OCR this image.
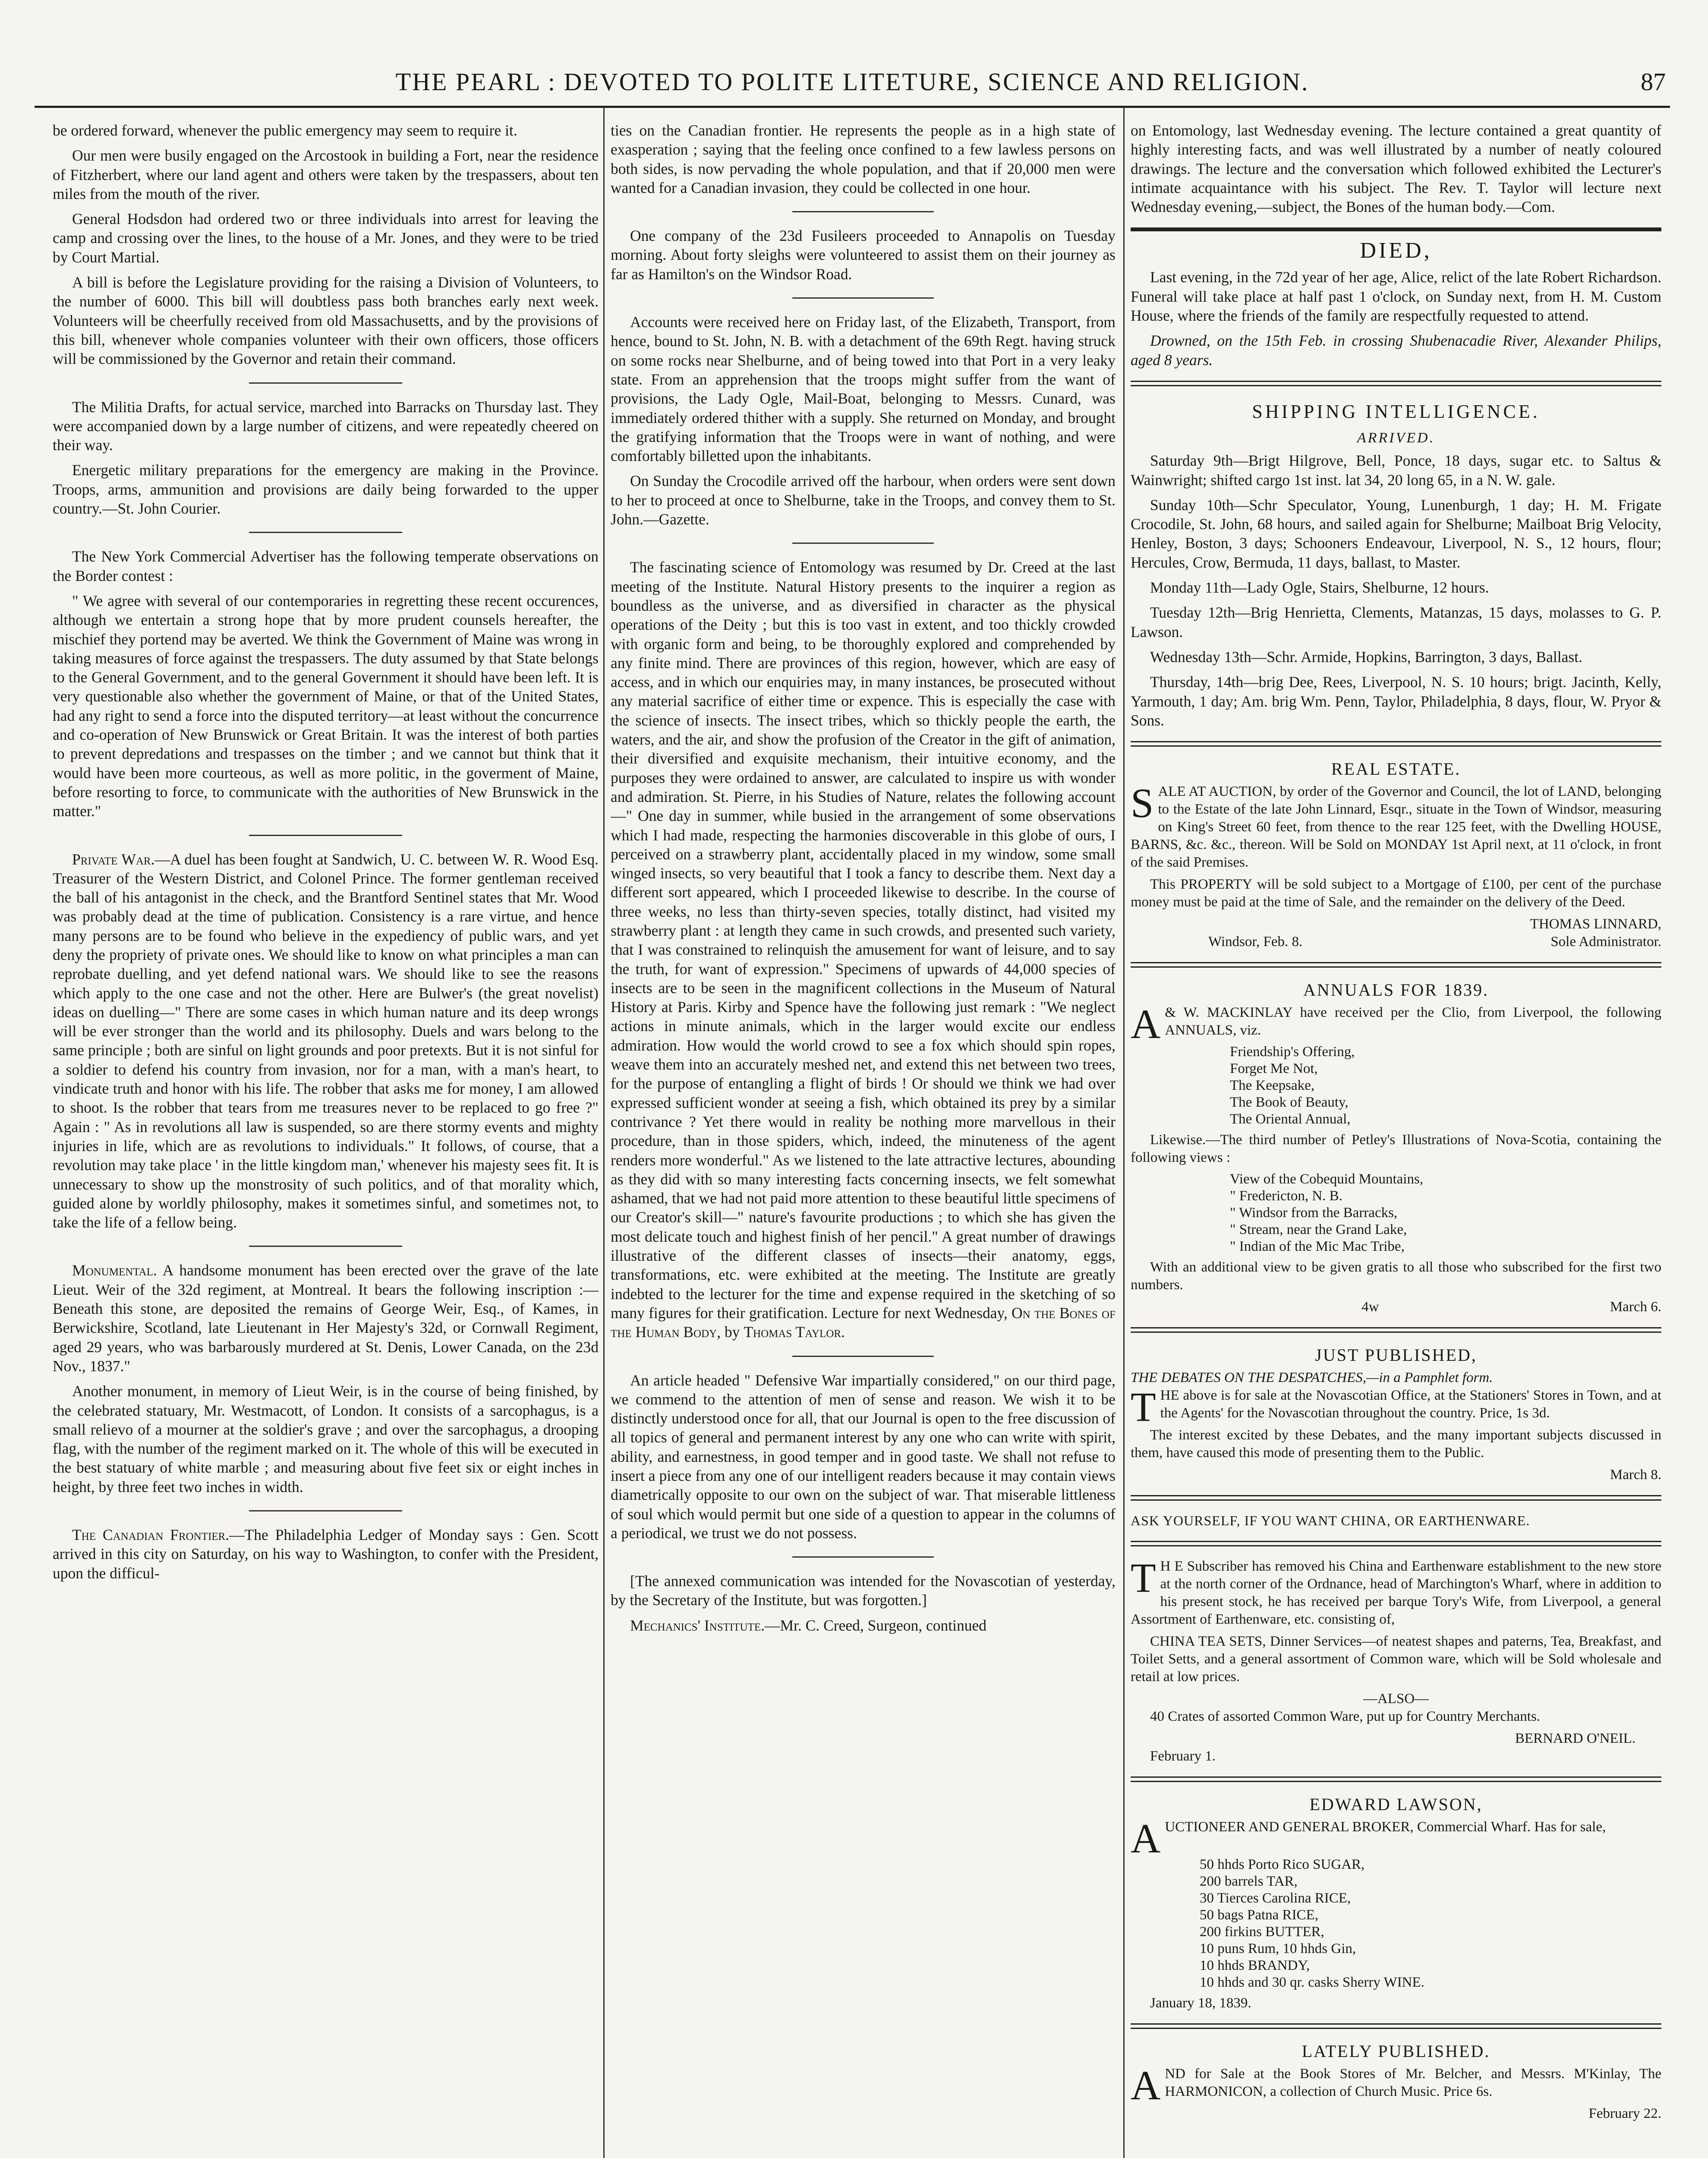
THE PEARL : DEVOTED TO POLITE LITETURE, SCIENCE AND RELIGION.	87

be ordered forward, whenever the public emergency may seem to require it.

Our men were busily engaged on the Arcostook in building a Fort, near the residence of Fitzherbert, where our land agent and others were taken by the trespassers, about ten miles from the mouth of the river.

General Hodsdon had ordered two or three individuals into arrest for leaving the camp and crossing over the lines, to the house of a Mr. Jones, and they were to be tried by Court Martial.

A bill is before the Legislature providing for the raising a Division of Volunteers, to the number of 6000. This bill will doubtless pass both branches early next week. Volunteers will be cheerfully received from old Massachusetts, and by the provisions of this bill, whenever whole companies volunteer with their own officers, those officers will be commissioned by the Governor and retain their command.

The Militia Drafts, for actual service, marched into Barracks on Thursday last. They were accompanied down by a large number of citizens, and were repeatedly cheered on their way.

Energetic military preparations for the emergency are making in the Province. Troops, arms, ammunition and provisions are daily being forwarded to the upper country.—St. John Courier.

The New York Commercial Advertiser has the following temperate observations on the Border contest :

" We agree with several of our contemporaries in regretting these recent occurences, although we entertain a strong hope that by more prudent counsels hereafter, the mischief they portend may be averted. We think the Government of Maine was wrong in taking measures of force against the trespassers. The duty assumed by that State belongs to the General Government, and to the general Government it should have been left. It is very questionable also whether the government of Maine, or that of the United States, had any right to send a force into the disputed territory—at least without the concurrence and co-operation of New Brunswick or Great Britain. It was the interest of both parties to prevent depredations and trespasses on the timber ; and we cannot but think that it would have been more courteous, as well as more politic, in the goverment of Maine, before resorting to force, to communicate with the authorities of New Brunswick in the matter."

Private War.—A duel has been fought at Sandwich, U. C. between W. R. Wood Esq. Treasurer of the Western District, and Colonel Prince. The former gentleman received the ball of his antagonist in the check, and the Brantford Sentinel states that Mr. Wood was probably dead at the time of publication. Consistency is a rare virtue, and hence many persons are to be found who believe in the expediency of public wars, and yet deny the propriety of private ones. We should like to know on what principles a man can reprobate duelling, and yet defend national wars. We should like to see the reasons which apply to the one case and not the other. Here are Bulwer's (the great novelist) ideas on duelling—" There are some cases in which human nature and its deep wrongs will be ever stronger than the world and its philosophy. Duels and wars belong to the same principle ; both are sinful on light grounds and poor pretexts. But it is not sinful for a soldier to defend his country from invasion, nor for a man, with a man's heart, to vindicate truth and honor with his life. The robber that asks me for money, I am allowed to shoot. Is the robber that tears from me treasures never to be replaced to go free ?" Again : " As in revolutions all law is suspended, so are there stormy events and mighty injuries in life, which are as revolutions to individuals." It follows, of course, that a revolution may take place ' in the little kingdom man,' whenever his majesty sees fit. It is unnecessary to show up the monstrosity of such politics, and of that morality which, guided alone by worldly philosophy, makes it sometimes sinful, and sometimes not, to take the life of a fellow being.

Monumental. A handsome monument has been erected over the grave of the late Lieut. Weir of the 32d regiment, at Montreal. It bears the following inscription :—Beneath this stone, are deposited the remains of George Weir, Esq., of Kames, in Berwickshire, Scotland, late Lieutenant in Her Majesty's 32d, or Cornwall Regiment, aged 29 years, who was barbarously murdered at St. Denis, Lower Canada, on the 23d Nov., 1837."

Another monument, in memory of Lieut Weir, is in the course of being finished, by the celebrated statuary, Mr. Westmacott, of London. It consists of a sarcophagus, is a small relievo of a mourner at the soldier's grave ; and over the sarcophagus, a drooping flag, with the number of the regiment marked on it. The whole of this will be executed in the best statuary of white marble ; and measuring about five feet six or eight inches in height, by three feet two inches in width.

The Canadian Frontier.—The Philadelphia Ledger of Monday says : Gen. Scott arrived in this city on Saturday, on his way to Washington, to confer with the President, upon the difficul-

ties on the Canadian frontier. He represents the people as in a high state of exasperation ; saying that the feeling once confined to a few lawless persons on both sides, is now pervading the whole population, and that if 20,000 men were wanted for a Canadian invasion, they could be collected in one hour.

One company of the 23d Fusileers proceeded to Annapolis on Tuesday morning. About forty sleighs were volunteered to assist them on their journey as far as Hamilton's on the Windsor Road.

Accounts were received here on Friday last, of the Elizabeth, Transport, from hence, bound to St. John, N. B. with a detachment of the 69th Regt. having struck on some rocks near Shelburne, and of being towed into that Port in a very leaky state. From an apprehension that the troops might suffer from the want of provisions, the Lady Ogle, Mail-Boat, belonging to Messrs. Cunard, was immediately ordered thither with a supply. She returned on Monday, and brought the gratifying information that the Troops were in want of nothing, and were comfortably billetted upon the inhabitants.

On Sunday the Crocodile arrived off the harbour, when orders were sent down to her to proceed at once to Shelburne, take in the Troops, and convey them to St. John.—Gazette.

The fascinating science of Entomology was resumed by Dr. Creed at the last meeting of the Institute. Natural History presents to the inquirer a region as boundless as the universe, and as diversified in character as the physical operations of the Deity ; but this is too vast in extent, and too thickly crowded with organic form and being, to be thoroughly explored and comprehended by any finite mind. There are provinces of this region, however, which are easy of access, and in which our enquiries may, in many instances, be prosecuted without any material sacrifice of either time or expence. This is especially the case with the science of insects. The insect tribes, which so thickly people the earth, the waters, and the air, and show the profusion of the Creator in the gift of animation, their diversified and exquisite mechanism, their intuitive economy, and the purposes they were ordained to answer, are calculated to inspire us with wonder and admiration. St. Pierre, in his Studies of Nature, relates the following account—" One day in summer, while busied in the arrangement of some observations which I had made, respecting the harmonies discoverable in this globe of ours, I perceived on a strawberry plant, accidentally placed in my window, some small winged insects, so very beautiful that I took a fancy to describe them. Next day a different sort appeared, which I proceeded likewise to describe. In the course of three weeks, no less than thirty-seven species, totally distinct, had visited my strawberry plant : at length they came in such crowds, and presented such variety, that I was constrained to relinquish the amusement for want of leisure, and to say the truth, for want of expression." Specimens of upwards of 44,000 species of insects are to be seen in the magnificent collections in the Museum of Natural History at Paris. Kirby and Spence have the following just remark : "We neglect actions in minute animals, which in the larger would excite our endless admiration. How would the world crowd to see a fox which should spin ropes, weave them into an accurately meshed net, and extend this net between two trees, for the purpose of entangling a flight of birds ! Or should we think we had over expressed sufficient wonder at seeing a fish, which obtained its prey by a similar contrivance ? Yet there would in reality be nothing more marvellous in their procedure, than in those spiders, which, indeed, the minuteness of the agent renders more wonderful." As we listened to the late attractive lectures, abounding as they did with so many interesting facts concerning insects, we felt somewhat ashamed, that we had not paid more attention to these beautiful little specimens of our Creator's skill—" nature's favourite productions ; to which she has given the most delicate touch and highest finish of her pencil." A great number of drawings illustrative of the different classes of insects—their anatomy, eggs, transformations, etc. were exhibited at the meeting. The Institute are greatly indebted to the lecturer for the time and expense required in the sketching of so many figures for their gratification. Lecture for next Wednesday, On the Bones of the Human Body, by Thomas Taylor.

An article headed " Defensive War impartially considered," on our third page, we commend to the attention of men of sense and reason. We wish it to be distinctly understood once for all, that our Journal is open to the free discussion of all topics of general and permanent interest by any one who can write with spirit, ability, and earnestness, in good temper and in good taste. We shall not refuse to insert a piece from any one of our intelligent readers because it may contain views diametrically opposite to our own on the subject of war. That miserable littleness of soul which would permit but one side of a question to appear in the columns of a periodical, we trust we do not possess.

[The annexed communication was intended for the Novascotian of yesterday, by the Secretary of the Institute, but was forgotten.]

Mechanics' Institute.—Mr. C. Creed, Surgeon, continued

on Entomology, last Wednesday evening. The lecture contained a great quantity of highly interesting facts, and was well illustrated by a number of neatly coloured drawings. The lecture and the conversation which followed exhibited the Lecturer's intimate acquaintance with his subject. The Rev. T. Taylor will lecture next Wednesday evening,—subject, the Bones of the human body.—Com.

DIED,

Last evening, in the 72d year of her age, Alice, relict of the late Robert Richardson. Funeral will take place at half past 1 o'clock, on Sunday next, from H. M. Custom House, where the friends of the family are respectfully requested to attend.

Drowned, on the 15th Feb. in crossing Shubenacadie River, Alexander Philips, aged 8 years.

SHIPPING INTELLIGENCE.
ARRIVED.

Saturday 9th—Brigt Hilgrove, Bell, Ponce, 18 days, sugar etc. to Saltus & Wainwright; shifted cargo 1st inst. lat 34, 20 long 65, in a N. W. gale.

Sunday 10th—Schr Speculator, Young, Lunenburgh, 1 day; H. M. Frigate Crocodile, St. John, 68 hours, and sailed again for Shelburne; Mailboat Brig Velocity, Henley, Boston, 3 days; Schooners Endeavour, Liverpool, N. S., 12 hours, flour; Hercules, Crow, Bermuda, 11 days, ballast, to Master.

Monday 11th—Lady Ogle, Stairs, Shelburne, 12 hours.

Tuesday 12th—Brig Henrietta, Clements, Matanzas, 15 days, molasses to G. P. Lawson.

Wednesday 13th—Schr. Armide, Hopkins, Barrington, 3 days, Ballast.

Thursday, 14th—brig Dee, Rees, Liverpool, N. S. 10 hours; brigt. Jacinth, Kelly, Yarmouth, 1 day; Am. brig Wm. Penn, Taylor, Philadelphia, 8 days, flour, W. Pryor & Sons.

REAL ESTATE.

SALE AT AUCTION, by order of the Governor and Council, the lot of LAND, belonging to the Estate of the late John Linnard, Esqr., situate in the Town of Windsor, measuring on King's Street 60 feet, from thence to the rear 125 feet, with the Dwelling HOUSE, BARNS, &c. &c., thereon. Will be Sold on MONDAY 1st April next, at 11 o'clock, in front of the said Premises.

This PROPERTY will be sold subject to a Mortgage of £100, per cent of the purchase money must be paid at the time of Sale, and the remainder on the delivery of the Deed.

THOMAS LINNARD,
Windsor, Feb. 8.	Sole Administrator.
ANNUALS FOR 1839.

A & W. MACKINLAY have received per the Clio, from Liverpool, the following ANNUALS, viz.

Friendship's Offering,
Forget Me Not,
The Keepsake,
The Book of Beauty,
The Oriental Annual,

Likewise.—The third number of Petley's Illustrations of Nova-Scotia, containing the following views :

View of the Cobequid Mountains,
" Fredericton, N. B.
" Windsor from the Barracks,
" Stream, near the Grand Lake,
" Indian of the Mic Mac Tribe,

With an additional view to be given gratis to all those who subscribed for the first two numbers.

4w	March 6.
JUST PUBLISHED,
THE DEBATES ON THE DESPATCHES,—in a Pamphlet form.

THE above is for sale at the Novascotian Office, at the Stationers' Stores in Town, and at the Agents' for the Novascotian throughout the country. Price, 1s 3d.

The interest excited by these Debates, and the many important subjects discussed in them, have caused this mode of presenting them to the Public.

March 8.
ASK YOURSELF, IF YOU WANT CHINA, OR EARTHENWARE.

T H E Subscriber has removed his China and Earthenware establishment to the new store at the north corner of the Ordnance, head of Marchington's Wharf, where in addition to his present stock, he has received per barque Tory's Wife, from Liverpool, a general Assortment of Earthenware, etc. consisting of,

CHINA TEA SETS, Dinner Services—of neatest shapes and paterns, Tea, Breakfast, and Toilet Setts, and a general assortment of Common ware, which will be Sold wholesale and retail at low prices.

—ALSO—

40 Crates of assorted Common Ware, put up for Country Merchants.

BERNARD O'NEIL.
February 1.
EDWARD LAWSON,

AUCTIONEER AND GENERAL BROKER, Commercial Wharf. Has for sale,

50 hhds Porto Rico SUGAR,
200 barrels TAR,
30 Tierces Carolina RICE,
50 bags Patna RICE,
200 firkins BUTTER,
10 puns Rum, 10 hhds Gin,
10 hhds BRANDY,
10 hhds and 30 qr. casks Sherry WINE.
January 18, 1839.
LATELY PUBLISHED.

AND for Sale at the Book Stores of Mr. Belcher, and Messrs. M'Kinlay, The HARMONICON, a collection of Church Music. Price 6s.

February 22.
